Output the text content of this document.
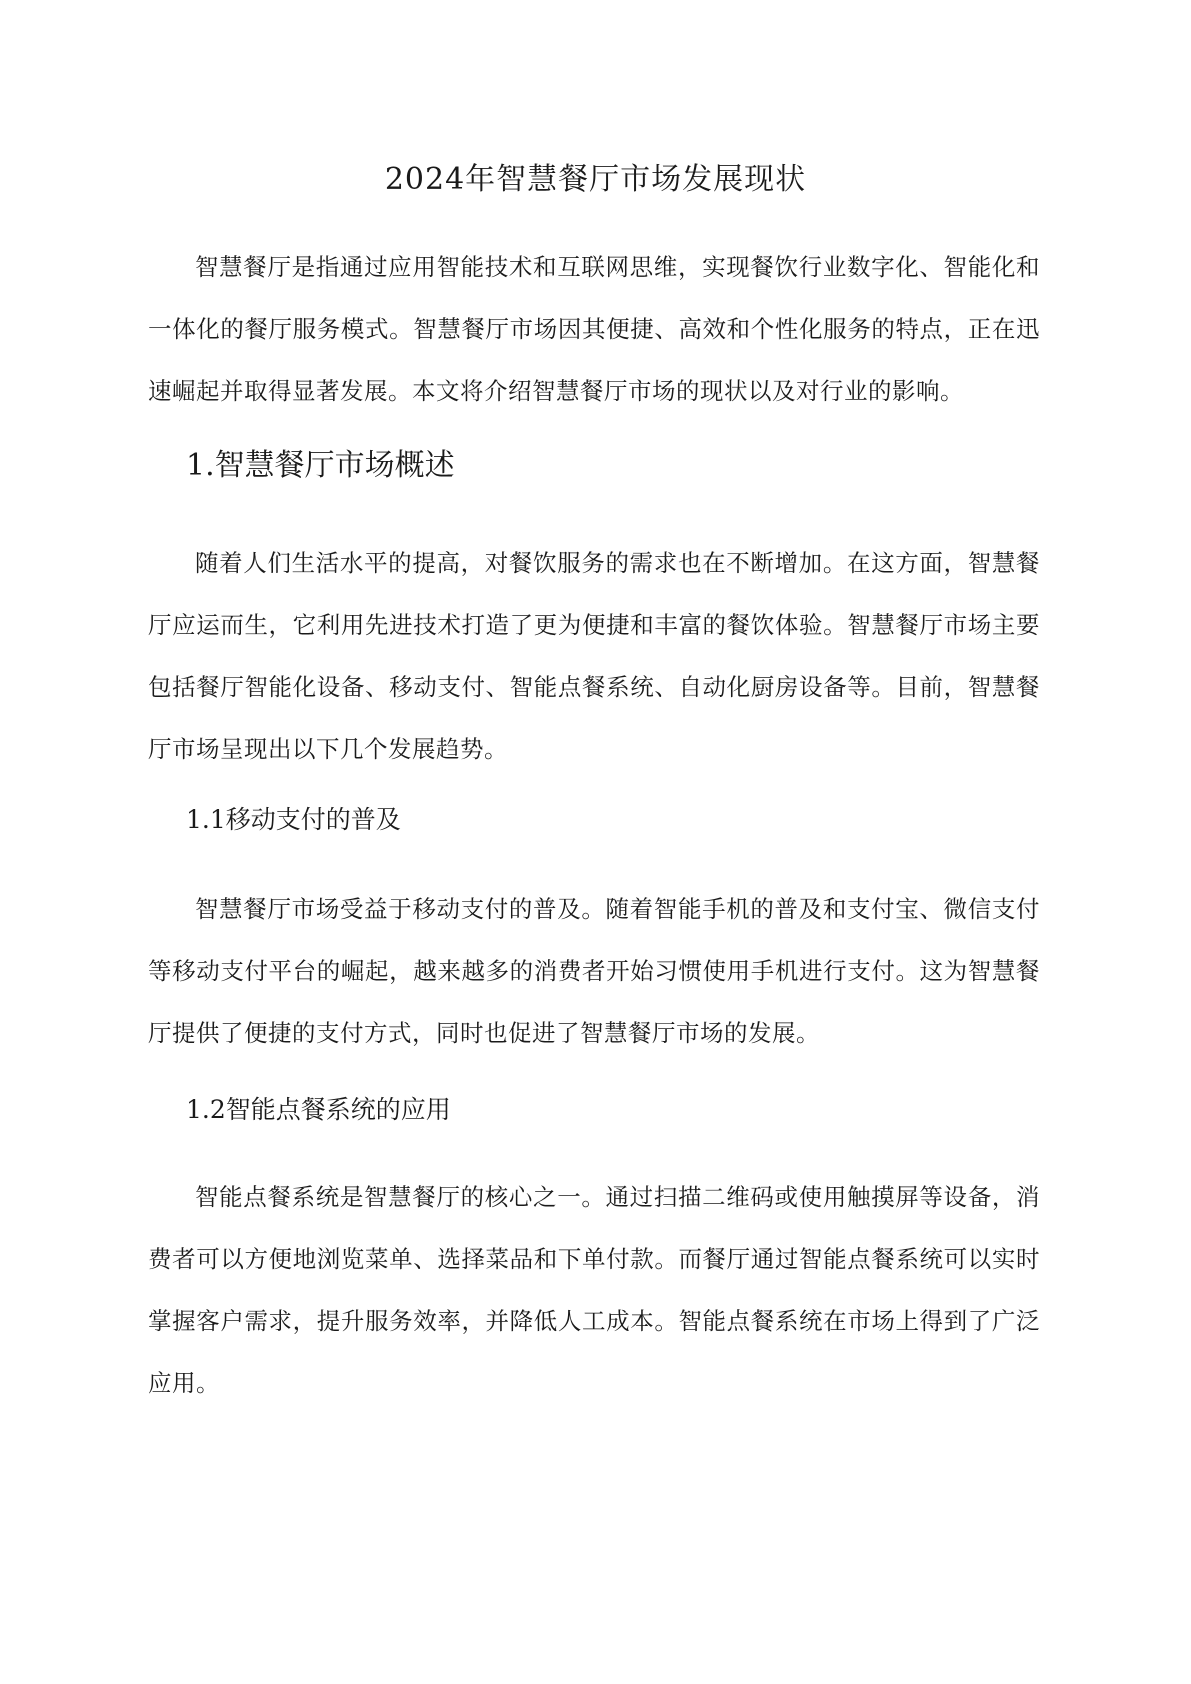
2024年智慧餐厅市场发展现状

智慧餐厅是指通过应用智能技术和互联网思维，实现餐饮行业数字化、智能化和一体化的餐厅服务模式。智慧餐厅市场因其便捷、高效和个性化服务的特点，正在迅速崛起并取得显著发展。本文将介绍智慧餐厅市场的现状以及对行业的影响。

1.智慧餐厅市场概述

随着人们生活水平的提高，对餐饮服务的需求也在不断增加。在这方面，智慧餐厅应运而生，它利用先进技术打造了更为便捷和丰富的餐饮体验。智慧餐厅市场主要包括餐厅智能化设备、移动支付、智能点餐系统、自动化厨房设备等。目前，智慧餐厅市场呈现出以下几个发展趋势。

1.1移动支付的普及

智慧餐厅市场受益于移动支付的普及。随着智能手机的普及和支付宝、微信支付等移动支付平台的崛起，越来越多的消费者开始习惯使用手机进行支付。这为智慧餐厅提供了便捷的支付方式，同时也促进了智慧餐厅市场的发展。

1.2智能点餐系统的应用

智能点餐系统是智慧餐厅的核心之一。通过扫描二维码或使用触摸屏等设备，消费者可以方便地浏览菜单、选择菜品和下单付款。而餐厅通过智能点餐系统可以实时掌握客户需求，提升服务效率，并降低人工成本。智能点餐系统在市场上得到了广泛应用。
